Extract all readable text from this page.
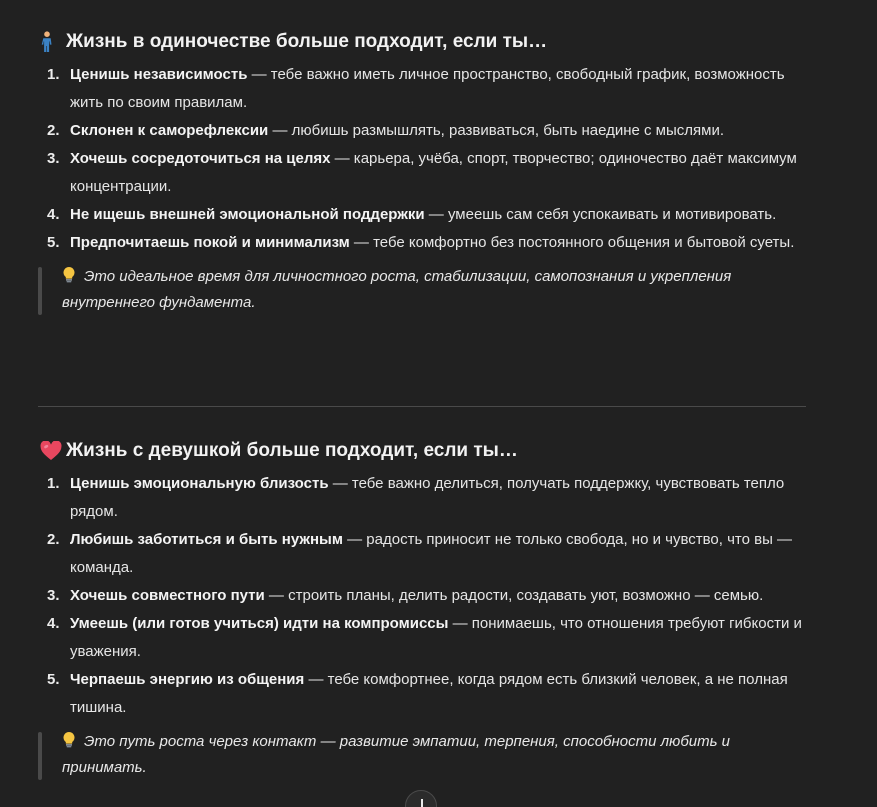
Жизнь в одиночестве больше подходит, если ты…
1. Ценишь независимость — тебе важно иметь личное пространство, свободный график, возможность жить по своим правилам.
2. Склонен к саморефлексии — любишь размышлять, развиваться, быть наедине с мыслями.
3. Хочешь сосредоточиться на целях — карьера, учёба, спорт, творчество; одиночество даёт максимум концентрации.
4. Не ищешь внешней эмоциональной поддержки — умеешь сам себя успокаивать и мотивировать.
5. Предпочитаешь покой и минимализм — тебе комфортно без постоянного общения и бытовой суеты.
Это идеальное время для личностного роста, стабилизации, самопознания и укрепления внутреннего фундамента.
Жизнь с девушкой больше подходит, если ты…
1. Ценишь эмоциональную близость — тебе важно делиться, получать поддержку, чувствовать тепло рядом.
2. Любишь заботиться и быть нужным — радость приносит не только свобода, но и чувство, что вы — команда.
3. Хочешь совместного пути — строить планы, делить радости, создавать уют, возможно — семью.
4. Умеешь (или готов учиться) идти на компромиссы — понимаешь, что отношения требуют гибкости и уважения.
5. Черпаешь энергию из общения — тебе комфортнее, когда рядом есть близкий человек, а не полная тишина.
Это путь роста через контакт — развитие эмпатии, терпения, способности любить и принимать.
